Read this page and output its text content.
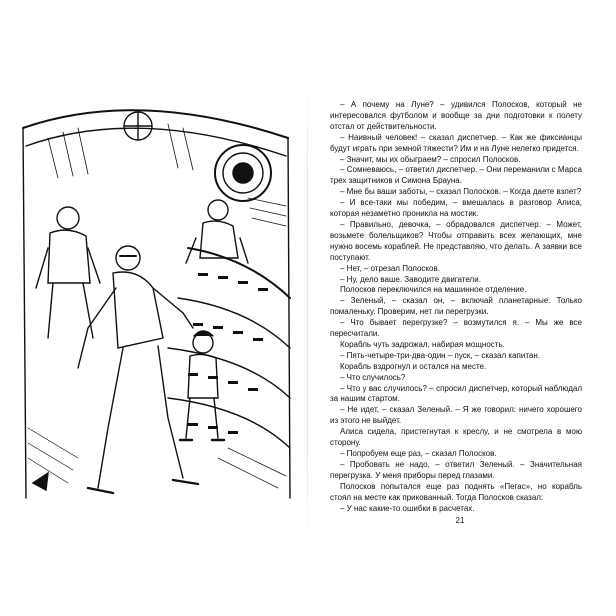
– А почему на Луне? – удивился Полосков, который не интересовался футболом и вообще за дни подготовки к полету отстал от действительности.

– Наивный человек! – сказал диспетчер. – Как же фиксианцы будут играть при земной тяжести? Им и на Луне нелегко придется.

– Значит, мы их обыграем? – спросил Полосков.

– Сомневаюсь, – ответил диспетчер. – Они переманили с Марса трех защитников и Симона Брауна.

– Мне бы ваши заботы, – сказал Полосков. – Когда даете взлет?

– И все-таки мы победим, – вмешалась в разговор Алиса, которая незаметно проникла на мостик.

– Правильно, девочка, – обрадовался диспетчер. – Может, возьмете болельщиков? Чтобы отправить всех желающих, мне нужно восемь кораблей. Не представляю, что делать. А заявки все поступают.

– Нет, – отрезал Полосков.

– Ну, дело ваше. Заводите двигатели.

Полосков переключился на машинное отделение.

– Зеленый, – сказал он, – включай планетарные. Только помаленьку. Проверим, нет ли перегрузки.

– Что бывает перегрузке? – возмутился я. – Мы же все пересчитали.

Корабль чуть задрожал, набирая мощность.

– Пять-четыре-три-два-один – пуск, – сказал капитан.

Корабль вздрогнул и остался на месте.

– Что случилось?

– Что у вас случилось? – спросил диспетчер, который наблюдал за нашим стартом.

– Не идет, – сказал Зеленый. – Я же говорил: ничего хорошего из этого не выйдет.

Алиса сидела, пристегнутая к креслу, и не смотрела в мою сторону.

– Попробуем еще раз, – сказал Полосков.

– Пробовать не надо, – ответил Зеленый. – Значительная перегрузка. У меня приборы перед глазами.

Полосков попытался еще раз поднять «Пегас», но корабль стоял на месте как прикованный. Тогда Полосков сказал:

– У нас какие-то ошибки в расчетах.

21
